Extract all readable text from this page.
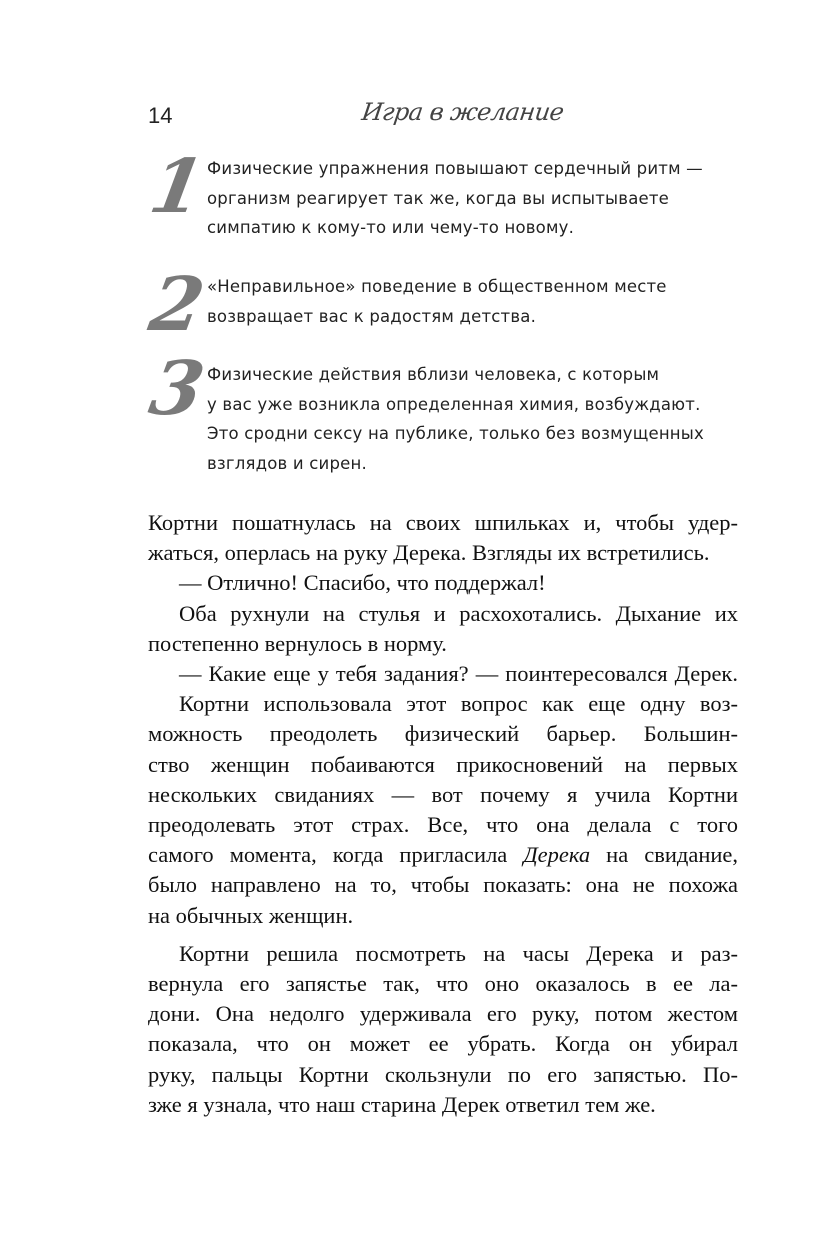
14	Игра в желание
1
Физические упражнения повышают сердечный ритм —
организм реагирует так же, когда вы испытываете
симпатию к кому-то или чему-то новому.
2
«Неправильное» поведение в общественном месте
возвращает вас к радостям детства.
3
Физические действия вблизи человека, с которым
у вас уже возникла определенная химия, возбуждают.
Это сродни сексу на публике, только без возмущенных
взглядов и сирен.
Кортни пошатнулась на своих шпильках и, чтобы удер-
жаться, оперлась на руку Дерека. Взгляды их встретились.
— Отлично! Спасибо, что поддержал!
Оба рухнули на стулья и расхохотались. Дыхание их
постепенно вернулось в норму.
— Какие еще у тебя задания? — поинтересовался Дерек.
Кортни использовала этот вопрос как еще одну воз-
можность преодолеть физический барьер. Большин-
ство женщин побаиваются прикосновений на первых
нескольких свиданиях — вот почему я учила Кортни
преодолевать этот страх. Все, что она делала с того
самого момента, когда пригласила Дерека на свидание,
было направлено на то, чтобы показать: она не похожа
на обычных женщин.
Кортни решила посмотреть на часы Дерека и раз-
вернула его запястье так, что оно оказалось в ее ла-
дони. Она недолго удерживала его руку, потом жестом
показала, что он может ее убрать. Когда он убирал
руку, пальцы Кортни скользнули по его запястью. По-
зже я узнала, что наш старина Дерек ответил тем же.
